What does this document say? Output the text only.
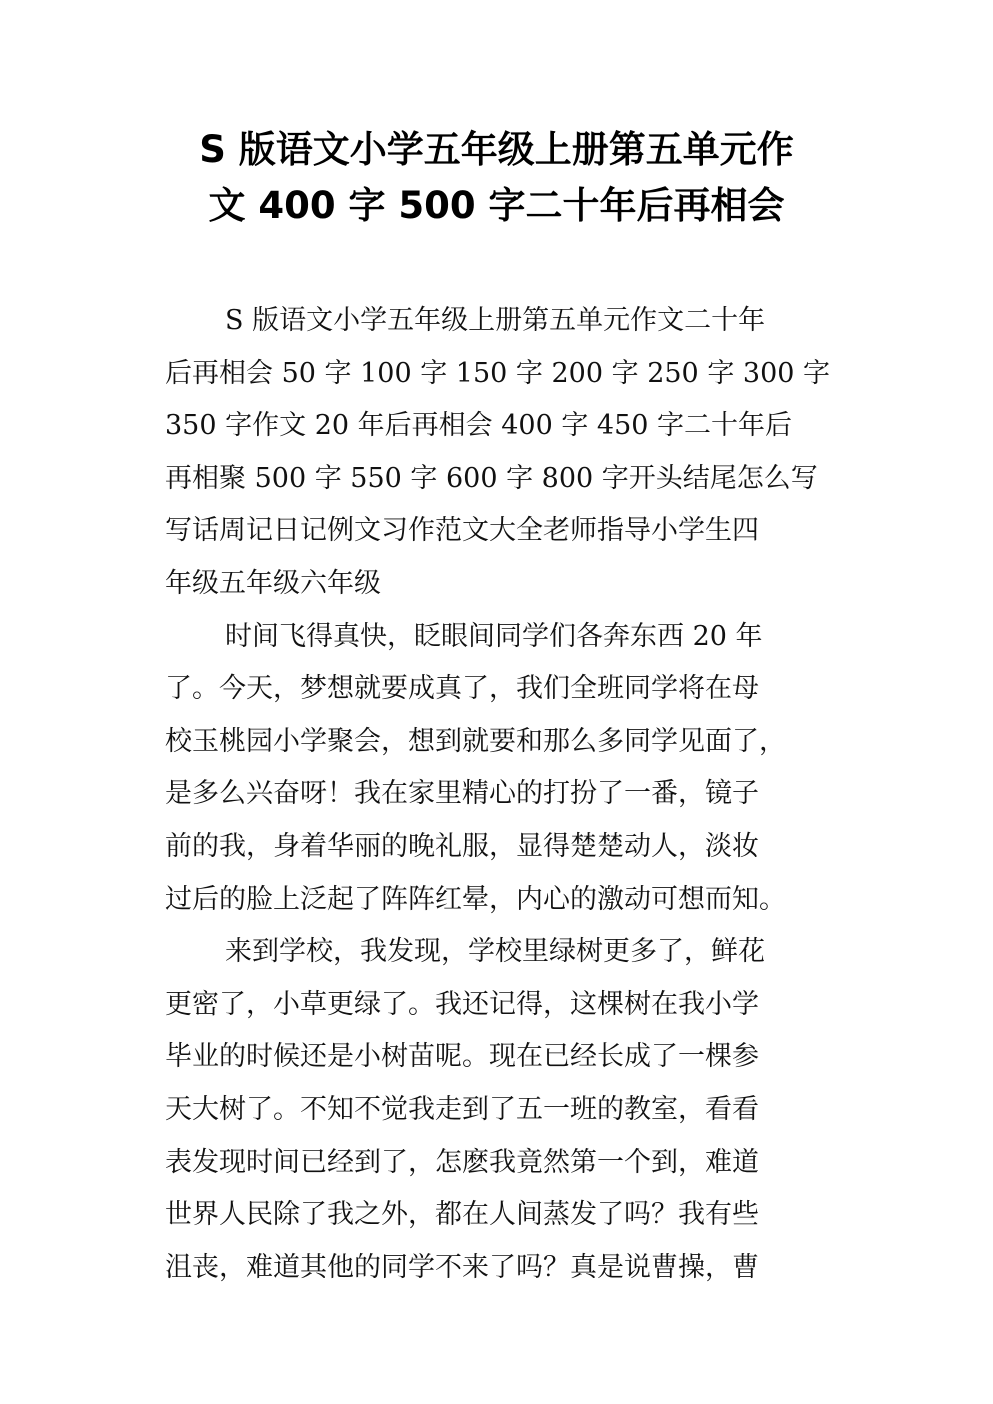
S 版语文小学五年级上册第五单元作
文 400 字 500 字二十年后再相会
S 版语文小学五年级上册第五单元作文二十年
后再相会 50 字 100 字 150 字 200 字 250 字 300 字
350 字作文 20 年后再相会 400 字 450 字二十年后
再相聚 500 字 550 字 600 字 800 字开头结尾怎么写
写话周记日记例文习作范文大全老师指导小学生四
年级五年级六年级
时间飞得真快，眨眼间同学们各奔东西 20 年
了。今天，梦想就要成真了，我们全班同学将在母
校玉桃园小学聚会，想到就要和那么多同学见面了，
是多么兴奋呀！我在家里精心的打扮了一番，镜子
前的我，身着华丽的晚礼服，显得楚楚动人，淡妆
过后的脸上泛起了阵阵红晕，内心的激动可想而知。
来到学校，我发现，学校里绿树更多了，鲜花
更密了，小草更绿了。我还记得，这棵树在我小学
毕业的时候还是小树苗呢。现在已经长成了一棵参
天大树了。不知不觉我走到了五一班的教室，看看
表发现时间已经到了，怎麽我竟然第一个到，难道
世界人民除了我之外，都在人间蒸发了吗？我有些
沮丧，难道其他的同学不来了吗？真是说曹操，曹
